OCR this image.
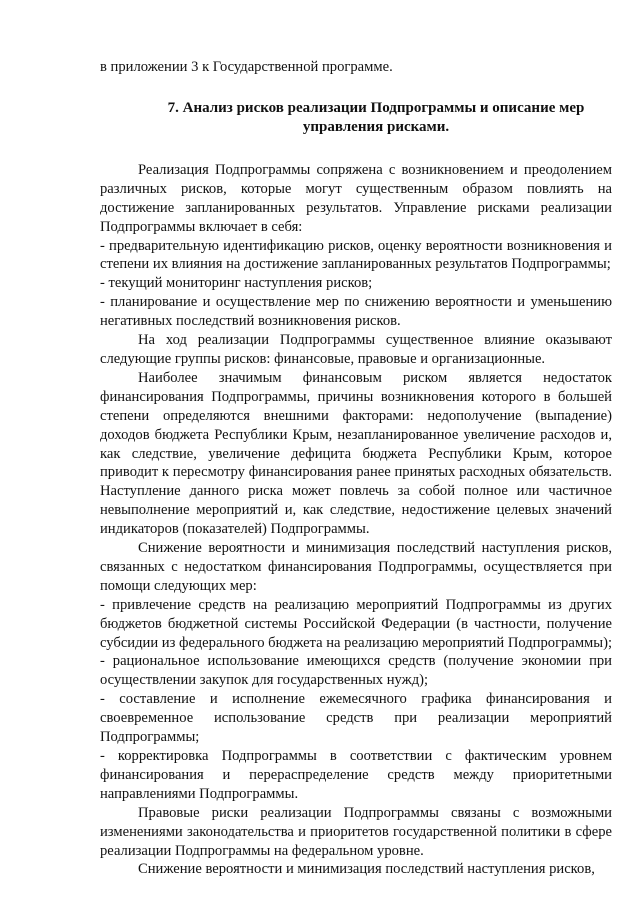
в приложении 3 к Государственной программе.

7. Анализ рисков реализации Подпрограммы и описание мер
управления рисками.

Реализация Подпрограммы сопряжена с возникновением и преодолением различных рисков, которые могут существенным образом повлиять на достижение запланированных результатов. Управление рисками реализации Подпрограммы включает в себя:

- предварительную идентификацию рисков, оценку вероятности возникновения и степени их влияния на достижение запланированных результатов Подпрограммы;

- текущий мониторинг наступления рисков;

- планирование и осуществление мер по снижению вероятности и уменьшению негативных последствий возникновения рисков.

На ход реализации Подпрограммы существенное влияние оказывают следующие группы рисков: финансовые, правовые и организационные.

Наиболее значимым финансовым риском является недостаток финансирования Подпрограммы, причины возникновения которого в большей степени определяются внешними факторами: недополучение (выпадение) доходов бюджета Республики Крым, незапланированное увеличение расходов и, как следствие, увеличение дефицита бюджета Республики Крым, которое приводит к пересмотру финансирования ранее принятых расходных обязательств. Наступление данного риска может повлечь за собой полное или частичное невыполнение мероприятий и, как следствие, недостижение целевых значений индикаторов (показателей) Подпрограммы.

Снижение вероятности и минимизация последствий наступления рисков, связанных с недостатком финансирования Подпрограммы, осуществляется при помощи следующих мер:

- привлечение средств на реализацию мероприятий Подпрограммы из других бюджетов бюджетной системы Российской Федерации (в частности, получение субсидии из федерального бюджета на реализацию мероприятий Подпрограммы);

- рациональное использование имеющихся средств (получение экономии при осуществлении закупок для государственных нужд);

- составление и исполнение ежемесячного графика финансирования и своевременное использование средств при реализации мероприятий Подпрограммы;

- корректировка Подпрограммы в соответствии с фактическим уровнем финансирования и перераспределение средств между приоритетными направлениями Подпрограммы.

Правовые риски реализации Подпрограммы связаны с возможными изменениями законодательства и приоритетов государственной политики в сфере реализации Подпрограммы на федеральном уровне.

Снижение вероятности и минимизация последствий наступления рисков,
